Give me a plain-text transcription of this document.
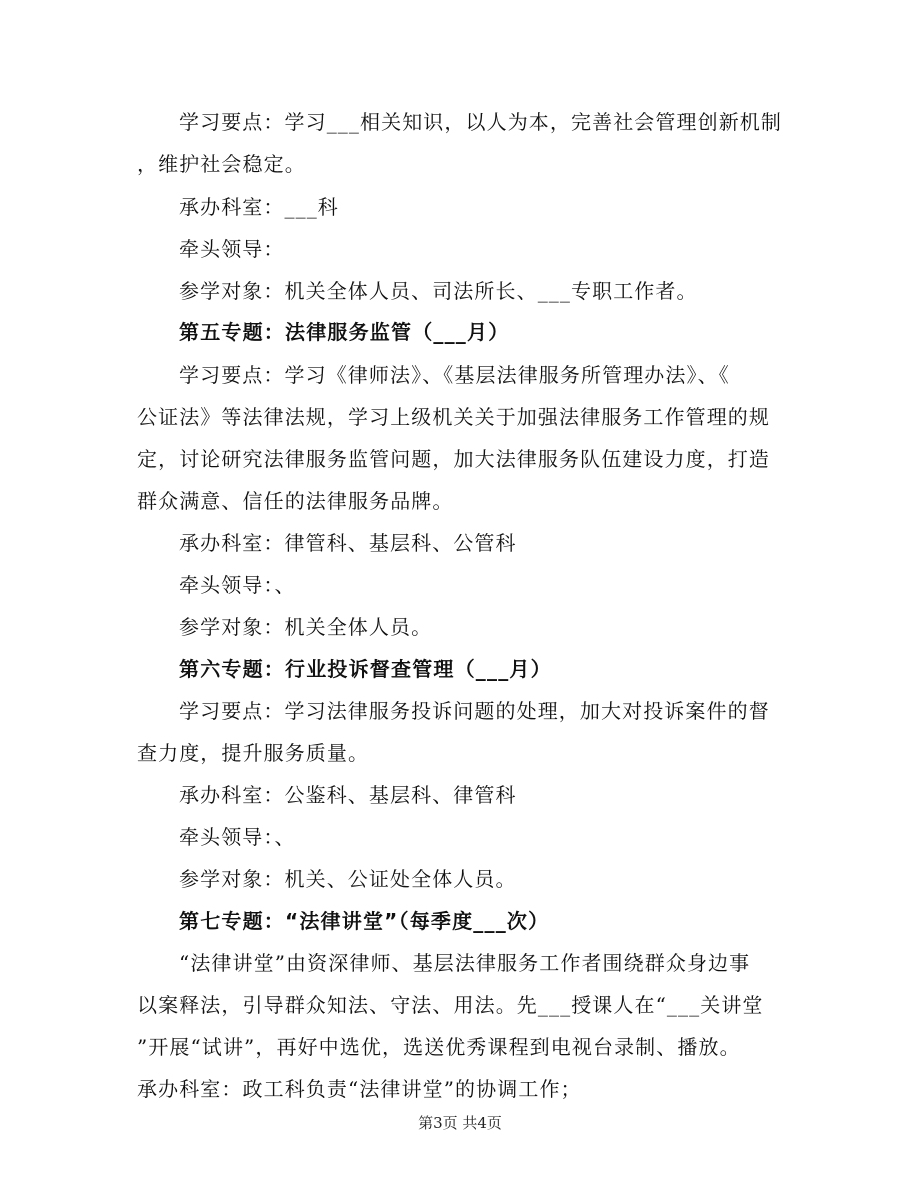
学习要点：学习___相关知识，以人为本，完善社会管理创新机制
，维护社会稳定。
承办科室：___科
牵头领导：
参学对象：机关全体人员、司法所长、___专职工作者。
第五专题：法律服务监管（___月）
学习要点：学习《律师法》、《基层法律服务所管理办法》、《
公证法》等法律法规，学习上级机关关于加强法律服务工作管理的规
定，讨论研究法律服务监管问题，加大法律服务队伍建设力度，打造
群众满意、信任的法律服务品牌。
承办科室：律管科、基层科、公管科
牵头领导：、
参学对象：机关全体人员。
第六专题：行业投诉督查管理（___月）
学习要点：学习法律服务投诉问题的处理，加大对投诉案件的督
查力度，提升服务质量。
承办科室：公鉴科、基层科、律管科
牵头领导：、
参学对象：机关、公证处全体人员。
第七专题：“法律讲堂”（每季度___次）
“法律讲堂”由资深律师、基层法律服务工作者围绕群众身边事
以案释法，引导群众知法、守法、用法。先___授课人在“___关讲堂
”开展“试讲”，再好中选优，选送优秀课程到电视台录制、播放。
承办科室：政工科负责“法律讲堂”的协调工作；
第3页 共4页
